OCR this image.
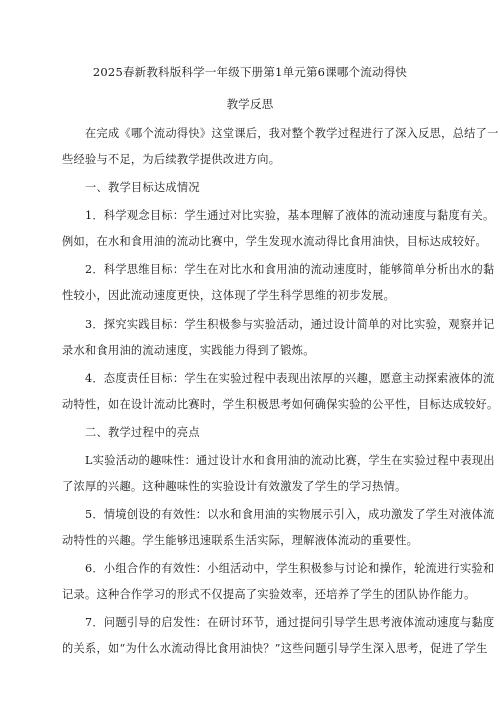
2025春新教科版科学一年级下册第1单元第6课哪个流动得快
教学反思
在完成《哪个流动得快》这堂课后，我对整个教学过程进行了深入反思，总结了一
些经验与不足，为后续教学提供改进方向。
一、教学目标达成情况
1．科学观念目标：学生通过对比实验，基本理解了液体的流动速度与黏度有关。
例如，在水和食用油的流动比赛中，学生发现水流动得比食用油快，目标达成较好。
2．科学思维目标：学生在对比水和食用油的流动速度时，能够简单分析出水的黏
性较小，因此流动速度更快，这体现了学生科学思维的初步发展。
3．探究实践目标：学生积极参与实验活动，通过设计简单的对比实验，观察并记
录水和食用油的流动速度，实践能力得到了锻炼。
4．态度责任目标：学生在实验过程中表现出浓厚的兴趣，愿意主动探索液体的流
动特性，如在设计流动比赛时，学生积极思考如何确保实验的公平性，目标达成较好。
二、教学过程中的亮点
L实验活动的趣味性：通过设计水和食用油的流动比赛，学生在实验过程中表现出
了浓厚的兴趣。这种趣味性的实验设计有效激发了学生的学习热情。
5．情境创设的有效性：以水和食用油的实物展示引入，成功激发了学生对液体流
动特性的兴趣。学生能够迅速联系生活实际，理解液体流动的重要性。
6．小组合作的有效性：小组活动中，学生积极参与讨论和操作，轮流进行实验和
记录。这种合作学习的形式不仅提高了实验效率，还培养了学生的团队协作能力。
7．问题引导的启发性：在研讨环节，通过提问引导学生思考液体流动速度与黏度
的关系，如“为什么水流动得比食用油快？”这些问题引导学生深入思考，促进了学生
